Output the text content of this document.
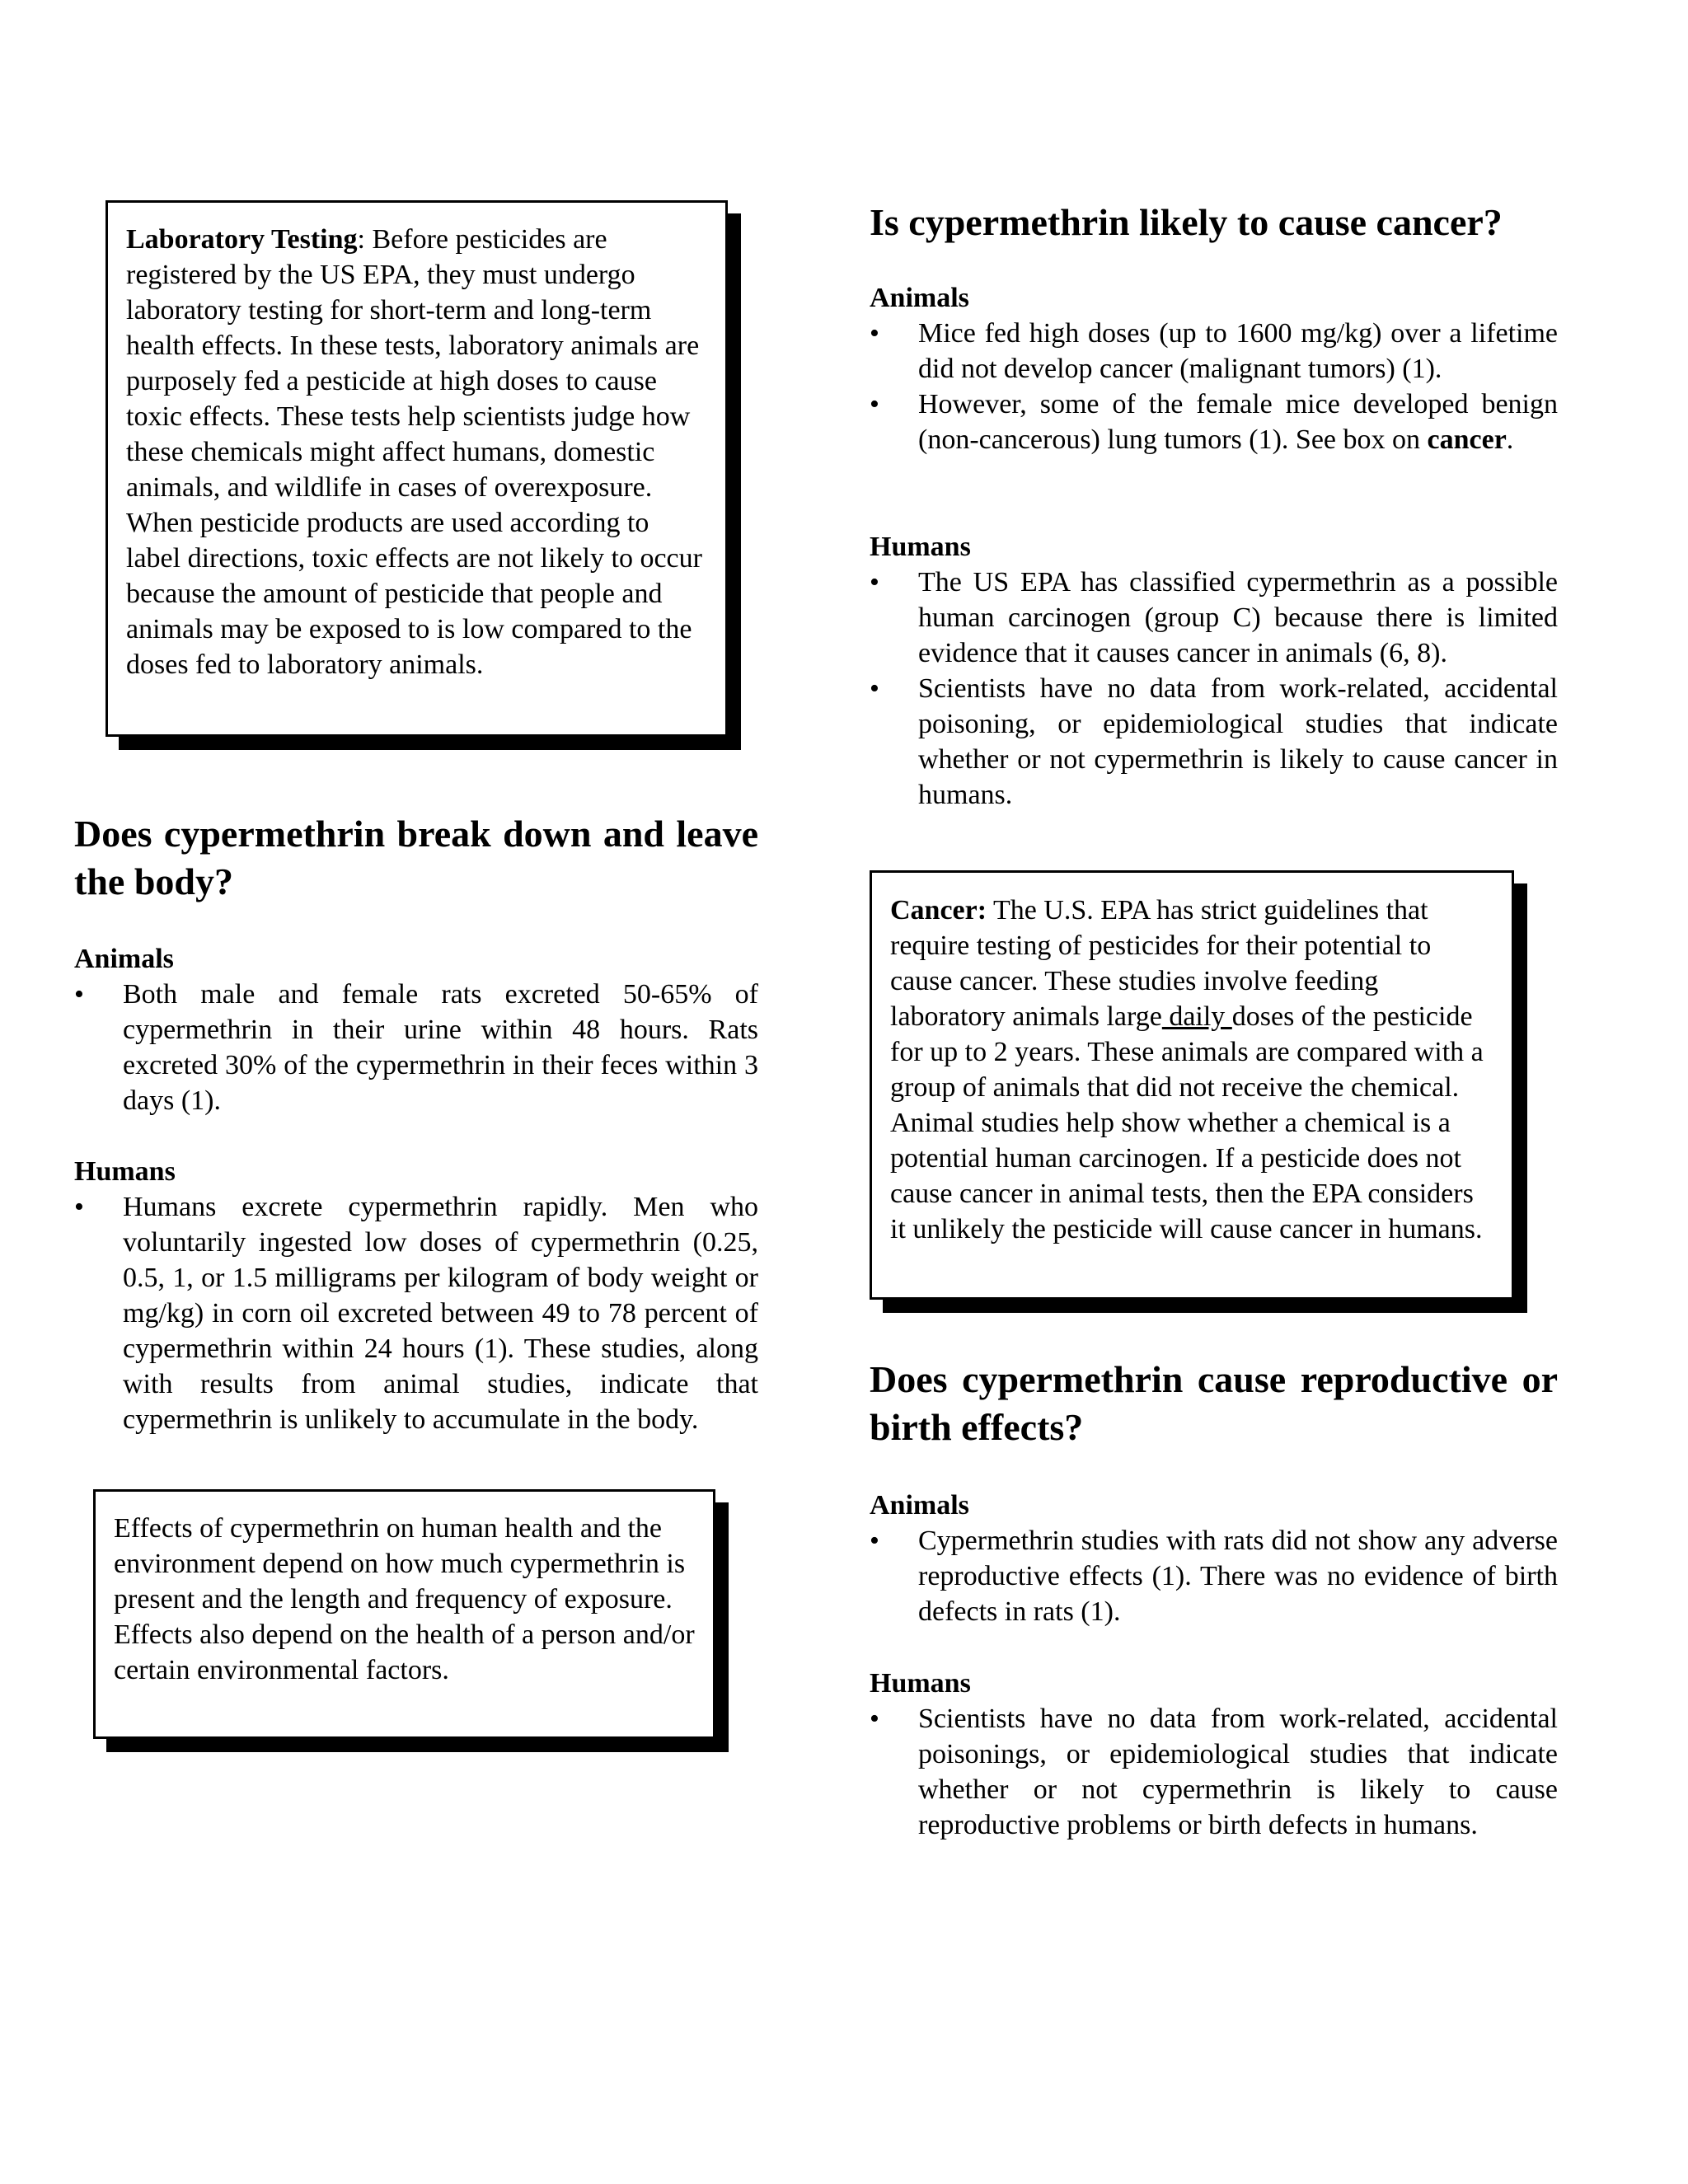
Laboratory Testing: Before pesticides are registered by the US EPA, they must undergo laboratory testing for short-term and long-term health effects. In these tests, laboratory animals are purposely fed a pesticide at high doses to cause toxic effects. These tests help scientists judge how these chemicals might affect humans, domestic animals, and wildlife in cases of overexposure. When pesticide products are used according to label directions, toxic effects are not likely to occur because the amount of pesticide that people and animals may be exposed to is low compared to the doses fed to laboratory animals.

Does cypermethrin break down and leave the body?
Animals
•	Both male and female rats excreted 50-65% of cypermethrin in their urine within 48 hours. Rats excreted 30% of the cypermethrin in their feces within 3 days (1).
Humans
•	Humans excrete cypermethrin rapidly. Men who voluntarily ingested low doses of cypermethrin (0.25, 0.5, 1, or 1.5 milligrams per kilogram of body weight or mg/kg) in corn oil excreted between 49 to 78 percent of cypermethrin within 24 hours (1). These studies, along with results from animal studies, indicate that cypermethrin is unlikely to accumulate in the body.

Effects of cypermethrin on human health and the environment depend on how much cypermethrin is present and the length and frequency of exposure. Effects also depend on the health of a person and/or certain environmental factors.

Is cypermethrin likely to cause cancer?
Animals
•	Mice fed high doses (up to 1600 mg/kg) over a lifetime did not develop cancer (malignant tumors) (1).
•	However, some of the female mice developed benign (non-cancerous) lung tumors (1). See box on cancer.
Humans
•	The US EPA has classified cypermethrin as a possible human carcinogen (group C) because there is limited evidence that it causes cancer in animals (6, 8).
•	Scientists have no data from work-related, accidental poisoning, or epidemiological studies that indicate whether or not cypermethrin is likely to cause cancer in humans.

Cancer: The U.S. EPA has strict guidelines that require testing of pesticides for their potential to cause cancer. These studies involve feeding laboratory animals large daily doses of the pesticide for up to 2 years. These animals are compared with a group of animals that did not receive the chemical. Animal studies help show whether a chemical is a potential human carcinogen. If a pesticide does not cause cancer in animal tests, then the EPA considers it unlikely the pesticide will cause cancer in humans.

Does cypermethrin cause reproductive or birth effects?
Animals
•	Cypermethrin studies with rats did not show any adverse reproductive effects (1). There was no evidence of birth defects in rats (1).
Humans
•	Scientists have no data from work-related, accidental poisonings, or epidemiological studies that indicate whether or not cypermethrin is likely to cause reproductive problems or birth defects in humans.
